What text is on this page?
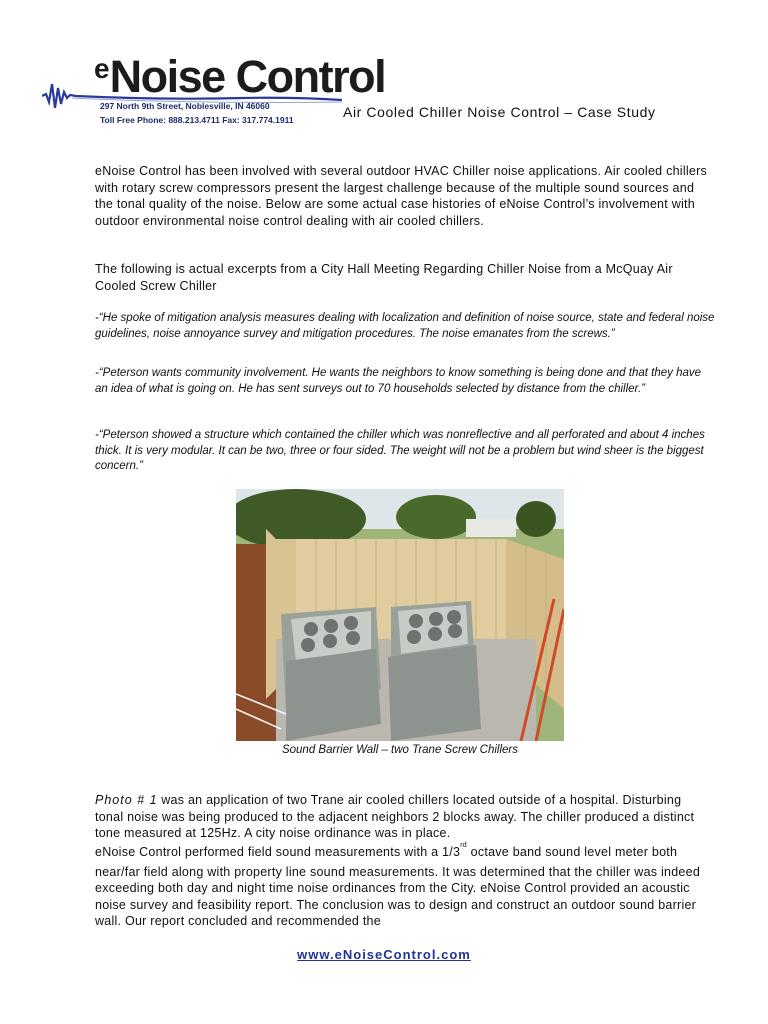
$^e$Noise Control
297 North 9th Street, Noblesville, IN 46060
Toll Free Phone: 888.213.4711 Fax: 317.774.1911	Air Cooled Chiller Noise Control – Case Study

eNoise Control has been involved with several outdoor HVAC Chiller noise applications. Air cooled chillers with rotary screw compressors present the largest challenge because of the multiple sound sources and the tonal quality of the noise. Below are some actual case histories of eNoise Control’s involvement with outdoor environmental noise control dealing with air cooled chillers.

The following is actual excerpts from a City Hall Meeting Regarding Chiller Noise from a McQuay Air Cooled Screw Chiller

-“He spoke of mitigation analysis measures dealing with localization and definition of noise source, state and federal noise guidelines, noise annoyance survey and mitigation procedures. The noise emanates from the screws.”

-“Peterson wants community involvement. He wants the neighbors to know something is being done and that they have an idea of what is going on. He has sent surveys out to 70 households selected by distance from the chiller.”

-“Peterson showed a structure which contained the chiller which was nonreflective and all perforated and about 4 inches thick. It is very modular. It can be two, three or four sided. The weight will not be a problem but wind sheer is the biggest concern.”

Sound Barrier Wall – two Trane Screw Chillers

Photo # 1 was an application of two Trane air cooled chillers located outside of a hospital. Disturbing tonal noise was being produced to the adjacent neighbors 2 blocks away. The chiller produced a distinct tone measured at 125Hz. A city noise ordinance was in place.

eNoise Control performed field sound measurements with a 1/3rd octave band sound level meter both near/far field along with property line sound measurements. It was determined that the chiller was indeed exceeding both day and night time noise ordinances from the City. eNoise Control provided an acoustic noise survey and feasibility report. The conclusion was to design and construct an outdoor sound barrier wall. Our report concluded and recommended the

www.eNoiseControl.com
